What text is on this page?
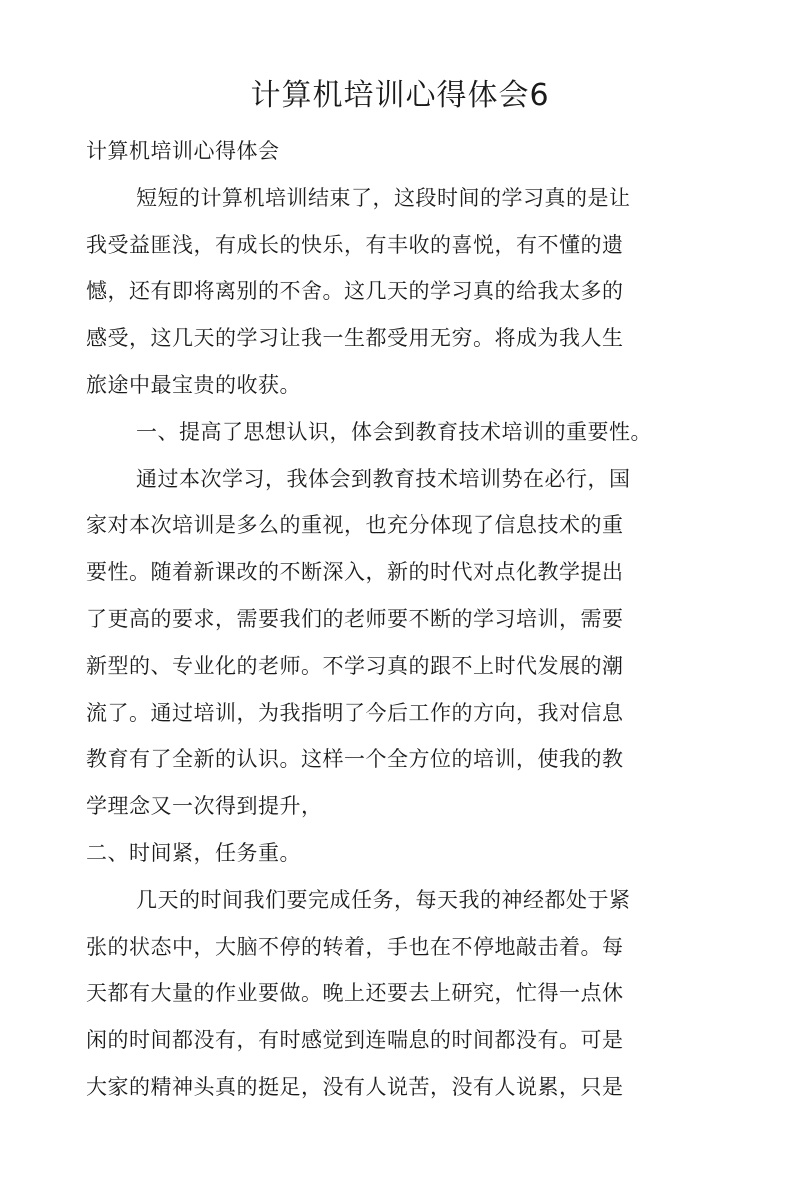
计算机培训心得体会6
计算机培训心得体会
短短的计算机培训结束了，这段时间的学习真的是让
我受益匪浅，有成长的快乐，有丰收的喜悦，有不懂的遗
憾，还有即将离别的不舍。这几天的学习真的给我太多的
感受，这几天的学习让我一生都受用无穷。将成为我人生
旅途中最宝贵的收获。
一、提高了思想认识，体会到教育技术培训的重要性。
通过本次学习，我体会到教育技术培训势在必行，国
家对本次培训是多么的重视，也充分体现了信息技术的重
要性。随着新课改的不断深入，新的时代对点化教学提出
了更高的要求，需要我们的老师要不断的学习培训，需要
新型的、专业化的老师。不学习真的跟不上时代发展的潮
流了。通过培训，为我指明了今后工作的方向，我对信息
教育有了全新的认识。这样一个全方位的培训，使我的教
学理念又一次得到提升，
二、时间紧，任务重。
几天的时间我们要完成任务，每天我的神经都处于紧
张的状态中，大脑不停的转着，手也在不停地敲击着。每
天都有大量的作业要做。晚上还要去上研究，忙得一点休
闲的时间都没有，有时感觉到连喘息的时间都没有。可是
大家的精神头真的挺足，没有人说苦，没有人说累，只是
